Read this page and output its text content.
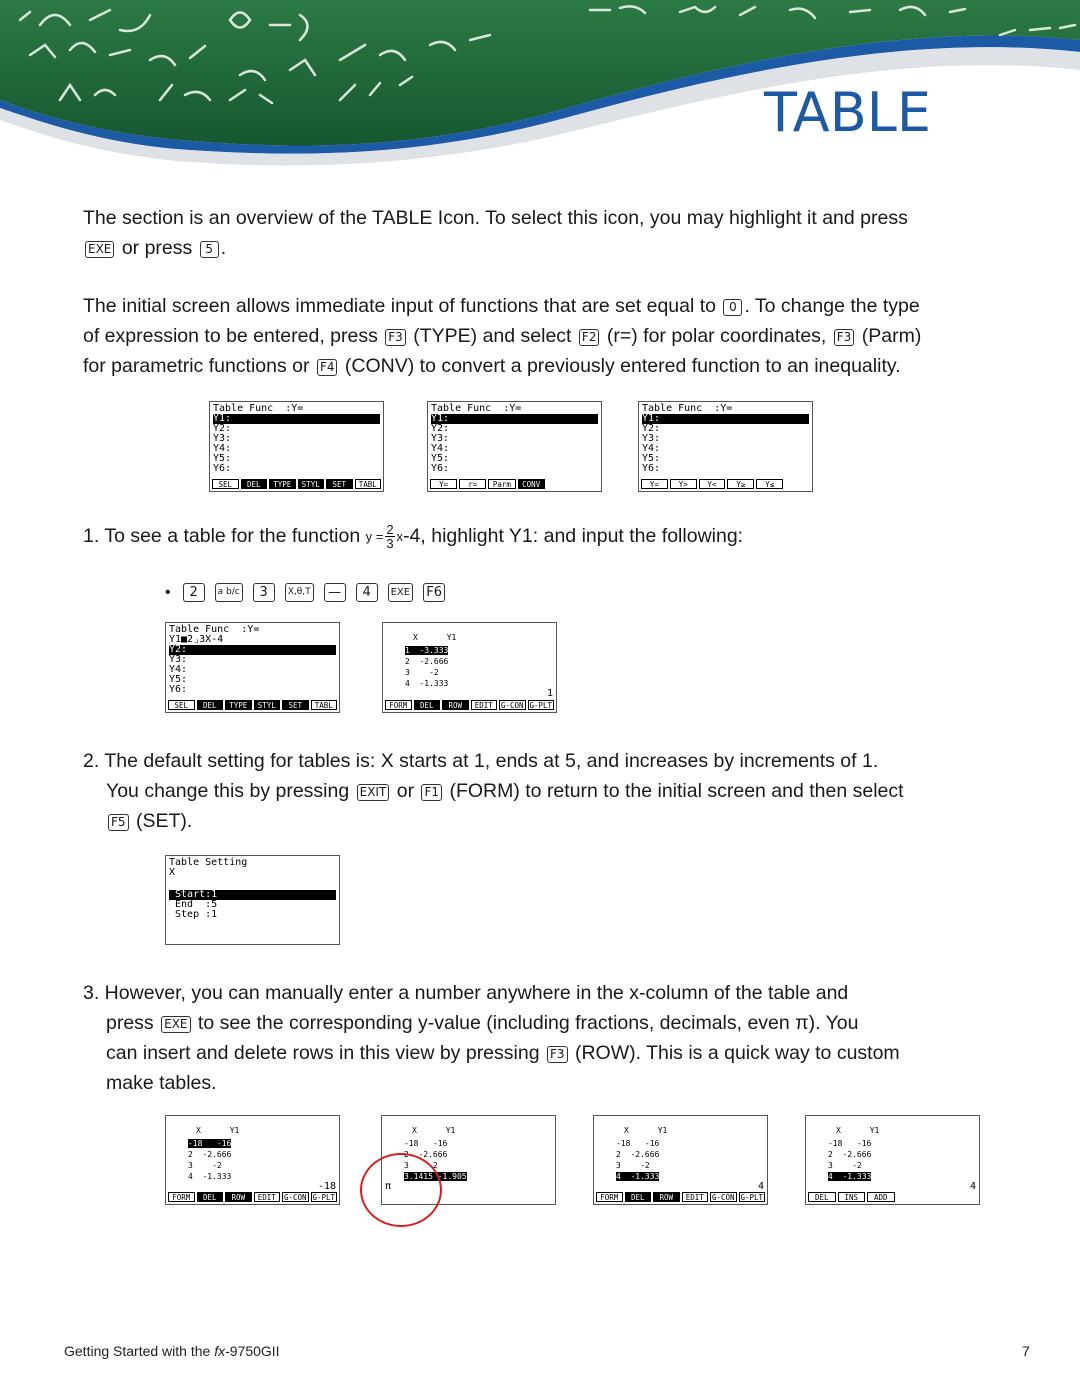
TABLE
The section is an overview of the TABLE Icon. To select this icon, you may highlight it and press
EXE or press 5 .
The initial screen allows immediate input of functions that are set equal to 0 . To change the type
of expression to be entered, press F3 (TYPE) and select F2 (r=) for polar coordinates, F3 (Parm)
for parametric functions or F4 (CONV) to convert a previously entered function to an inequality.
Table Func  :Y=
Y1:
Y2:
Y3:
Y4:
Y5:
Y6:
SEL	DEL	TYPE	STYL	SET	TABL
Table Func  :Y=
Y1:
Y2:
Y3:
Y4:
Y5:
Y6:
Y=	r=	Parm	CONV
Table Func  :Y=
Y1:
Y2:
Y3:
Y4:
Y5:
Y6:
Y=	Y>	Y<	Y≥	Y≤
1. To see a table for the function $y = \frac{2}{3}$ x -4, highlight Y1: and input the following:
•	2	a b/c	3	X,θ,T	—	4	EXE F6
Table Func  :Y=
Y1■2⌟3X-4
Y2:
Y3:
Y4:
Y5:
Y6:
SEL	DEL	TYPE	STYL	SET	TABL
X      Y1
1  -3.333
2  -2.666
3    -2
4  -1.333
1
FORM	DEL	ROW	EDIT	G-CON G-PLT
2. The default setting for tables is: X starts at 1, ends at 5, and increases by increments of 1.
You change this by pressing EXIT or F1 (FORM) to return to the initial screen and then select
F5 (SET).
Table Setting
X
Start:1
End  :5
Step :1
3. However, you can manually enter a number anywhere in the x-column of the table and
press EXE to see the corresponding y-value (including fractions, decimals, even π). You
can insert and delete rows in this view by pressing F3 (ROW). This is a quick way to custom
make tables.
X      Y1
-18   -16
2  -2.666
3    -2
4  -1.333
-18
FORM	DEL	ROW	EDIT	G-CON G-PLT
X      Y1
-18   -16
2  -2.666
3    -2
3.1415 -1.905
π
X      Y1
-18   -16
2  -2.666
3    -2
4  -1.333
4
FORM	DEL	ROW	EDIT	G-CON G-PLT
X      Y1
-18   -16
2  -2.666
3    -2
4  -1.333
4
DEL	INS	ADD
Getting Started with the fx-9750GII	7
